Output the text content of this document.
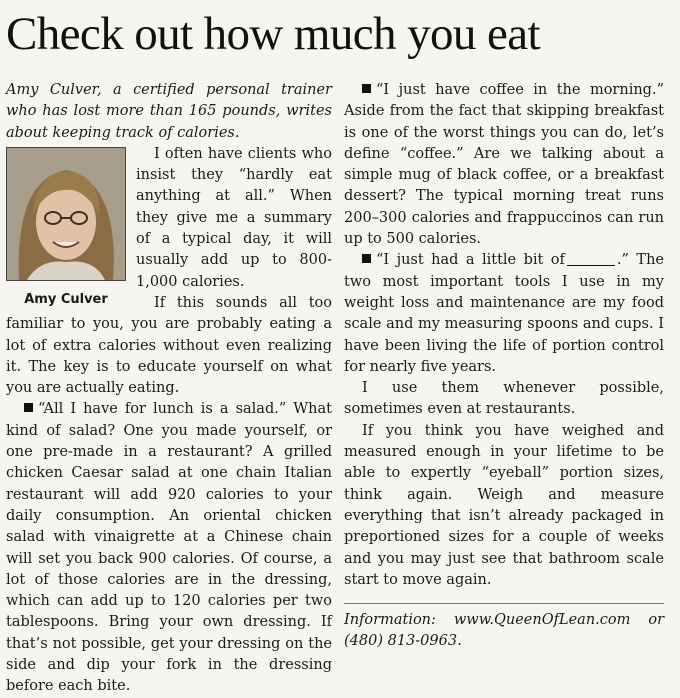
Check out how much you eat

Amy Culver, a certified personal trainer who has lost more than 165 pounds, writes about keeping track of calories.

Amy Culver

I often have clients who insist they “hardly eat anything at all.” When they give me a summary of a typical day, it will usually add up to 800-1,000 calories.

If this sounds all too familiar to you, you are probably eating a lot of extra calories without even realizing it. The key is to educate yourself on what you are actually eating.

“All I have for lunch is a salad.” What kind of salad? One you made yourself, or one pre-made in a restaurant? A grilled chicken Caesar salad at one chain Italian restaurant will add 920 calories to your daily consumption. An oriental chicken salad with vinaigrette at a Chinese chain will set you back 900 calories. Of course, a lot of those calories are in the dressing, which can add up to 120 calories per two tablespoons. Bring your own dressing. If that’s not possible, get your dressing on the side and dip your fork in the dressing before each bite.

“I just have coffee in the morning.” Aside from the fact that skipping breakfast is one of the worst things you can do, let’s define “coffee.” Are we talking about a simple mug of black coffee, or a breakfast dessert? The typical morning treat runs 200–300 calories and frappuccinos can run up to 500 calories.

“I just had a little bit of	.” The two most important tools I use in my weight loss and maintenance are my food scale and my measuring spoons and cups. I have been living the life of portion control for nearly five years.

I use them whenever possible, sometimes even at restaurants.

If you think you have weighed and measured enough in your lifetime to be able to expertly “eyeball” portion sizes, think again. Weigh and measure everything that isn’t already packaged in preportioned sizes for a couple of weeks and you may just see that bathroom scale start to move again.

Information: www.QueenOfLean.com or (480) 813-0963.
